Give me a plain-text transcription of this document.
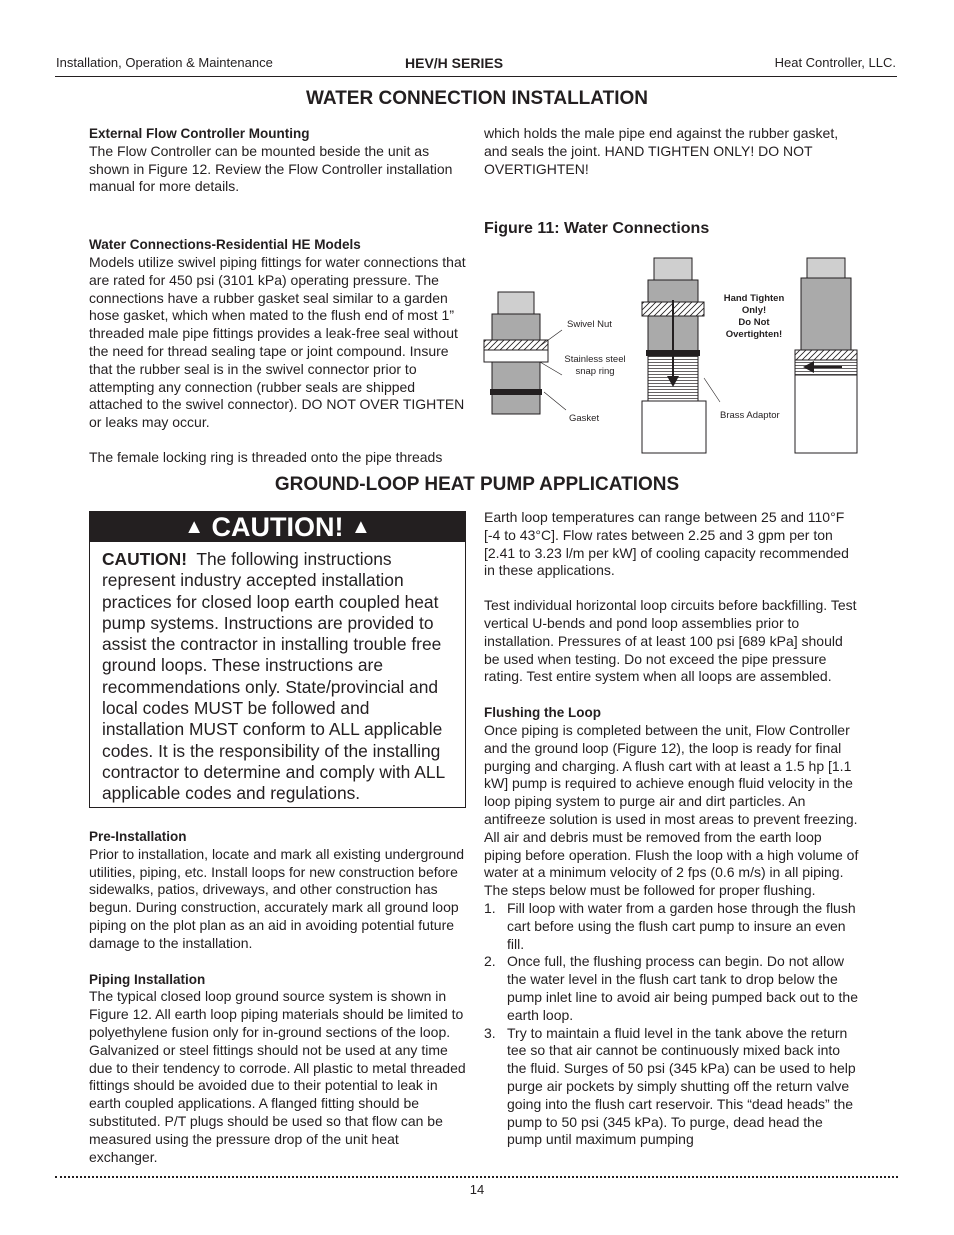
Installation, Operation & Maintenance	HEV/H SERIES	Heat Controller, LLC.
WATER CONNECTION INSTALLATION

External Flow Controller Mounting

The Flow Controller can be mounted beside the unit as shown in Figure 12. Review the Flow Controller installation manual for more details.

Water Connections-Residential HE Models

Models utilize swivel piping fittings for water connections that are rated for 450 psi (3101 kPa) operating pressure. The connections have a rubber gasket seal similar to a garden hose gasket, which when mated to the flush end of most 1” threaded male pipe fittings provides a leak-free seal without the need for thread sealing tape or joint compound. Insure that the rubber seal is in the swivel connector prior to attempting any connection (rubber seals are shipped attached to the swivel connector). DO NOT OVER TIGHTEN or leaks may occur.

The female locking ring is threaded onto the pipe threads

which holds the male pipe end against the rubber gasket, and seals the joint. HAND TIGHTEN ONLY! DO NOT OVERTIGHTEN!

Figure 11: Water Connections
Swivel Nut
Stainless steel
snap ring
Gasket	Brass Adaptor
Hand Tighten
Only!
Do Not
Overtighten!
GROUND-LOOP HEAT PUMP APPLICATIONS
▲ CAUTION! ▲
CAUTION! The following instructions represent industry accepted installation practices for closed loop earth coupled heat pump systems. Instructions are provided to assist the contractor in installing trouble free ground loops. These instructions are recommendations only. State/provincial and local codes MUST be followed and installation MUST conform to ALL applicable codes. It is the responsibility of the installing contractor to determine and comply with ALL applicable codes and regulations.

Pre-Installation

Prior to installation, locate and mark all existing underground utilities, piping, etc. Install loops for new construction before sidewalks, patios, driveways, and other construction has begun. During construction, accurately mark all ground loop piping on the plot plan as an aid in avoiding potential future damage to the installation.

Piping Installation

The typical closed loop ground source system is shown in Figure 12. All earth loop piping materials should be limited to polyethylene fusion only for in-ground sections of the loop. Galvanized or steel fittings should not be used at any time due to their tendency to corrode. All plastic to metal threaded fittings should be avoided due to their potential to leak in earth coupled applications. A flanged fitting should be substituted. P/T plugs should be used so that flow can be measured using the pressure drop of the unit heat exchanger.

Earth loop temperatures can range between 25 and 110°F [-4 to 43°C]. Flow rates between 2.25 and 3 gpm per ton [2.41 to 3.23 l/m per kW] of cooling capacity recommended in these applications.

Test individual horizontal loop circuits before backfilling. Test vertical U-bends and pond loop assemblies prior to installation. Pressures of at least 100 psi [689 kPa] should be used when testing. Do not exceed the pipe pressure rating. Test entire system when all loops are assembled.

Flushing the Loop

Once piping is completed between the unit, Flow Controller and the ground loop (Figure 12), the loop is ready for final purging and charging. A flush cart with at least a 1.5 hp [1.1 kW] pump is required to achieve enough fluid velocity in the loop piping system to purge air and dirt particles. An antifreeze solution is used in most areas to prevent freezing. All air and debris must be removed from the earth loop piping before operation. Flush the loop with a high volume of water at a minimum velocity of 2 fps (0.6 m/s) in all piping. The steps below must be followed for proper flushing.

1. Fill loop with water from a garden hose through the flush cart before using the flush cart pump to insure an even fill.
2. Once full, the flushing process can begin. Do not allow the water level in the flush cart tank to drop below the pump inlet line to avoid air being pumped back out to the earth loop.
3. Try to maintain a fluid level in the tank above the return tee so that air cannot be continuously mixed back into the fluid. Surges of 50 psi (345 kPa) can be used to help purge air pockets by simply shutting off the return valve going into the flush cart reservoir. This “dead heads” the pump to 50 psi (345 kPa). To purge, dead head the pump until maximum pumping
14
